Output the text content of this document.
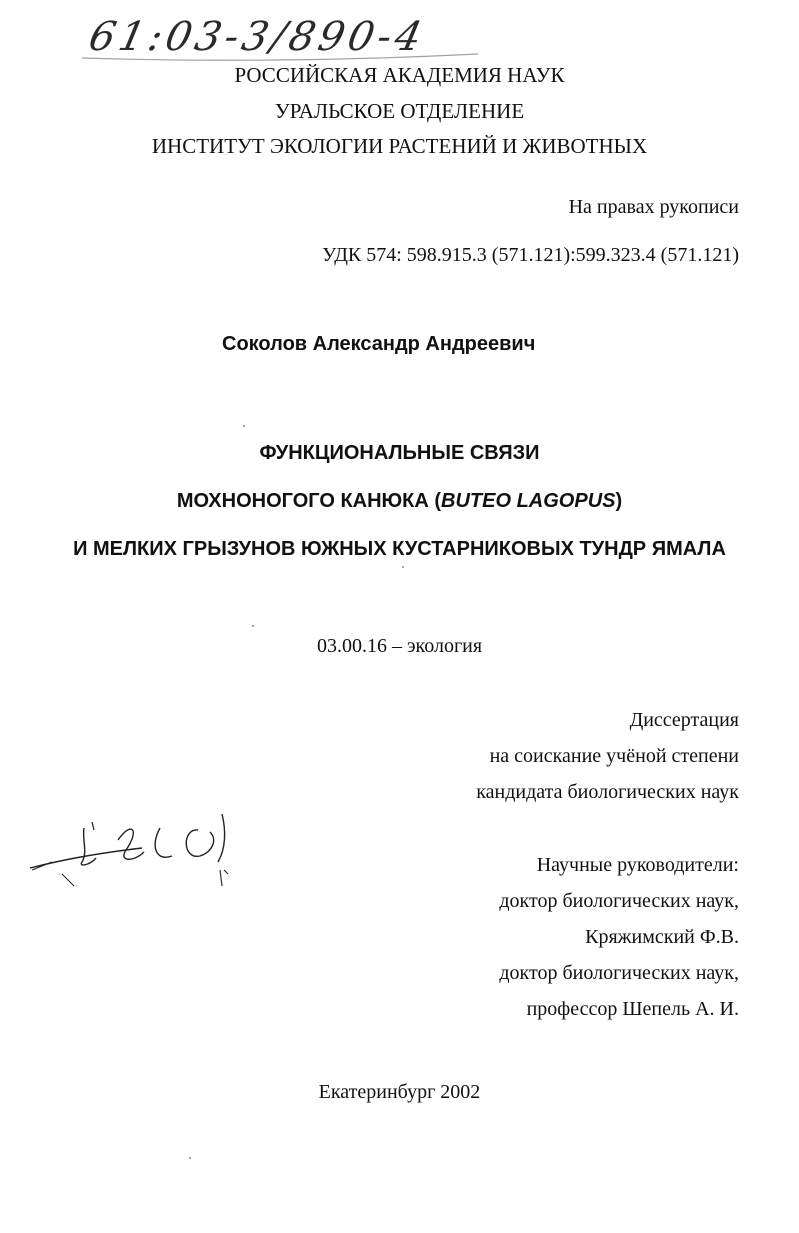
61:03-3/890-4
РОССИЙСКАЯ АКАДЕМИЯ НАУК
УРАЛЬСКОЕ ОТДЕЛЕНИЕ
ИНСТИТУТ ЭКОЛОГИИ РАСТЕНИЙ И ЖИВОТНЫХ
На правах рукописи
УДК 574: 598.915.3 (571.121):599.323.4 (571.121)
Соколов Александр Андреевич
ФУНКЦИОНАЛЬНЫЕ СВЯЗИ
МОХНОНОГОГО КАНЮКА (BUTEO LAGOPUS)
И МЕЛКИХ ГРЫЗУНОВ ЮЖНЫХ КУСТАРНИКОВЫХ ТУНДР ЯМАЛА
03.00.16 – экология
Диссертация
на соискание учёной степени
кандидата биологических наук
Научные руководители:
доктор биологических наук,
Кряжимский Ф.В.
доктор биологических наук,
профессор Шепель А. И.
Екатеринбург 2002
